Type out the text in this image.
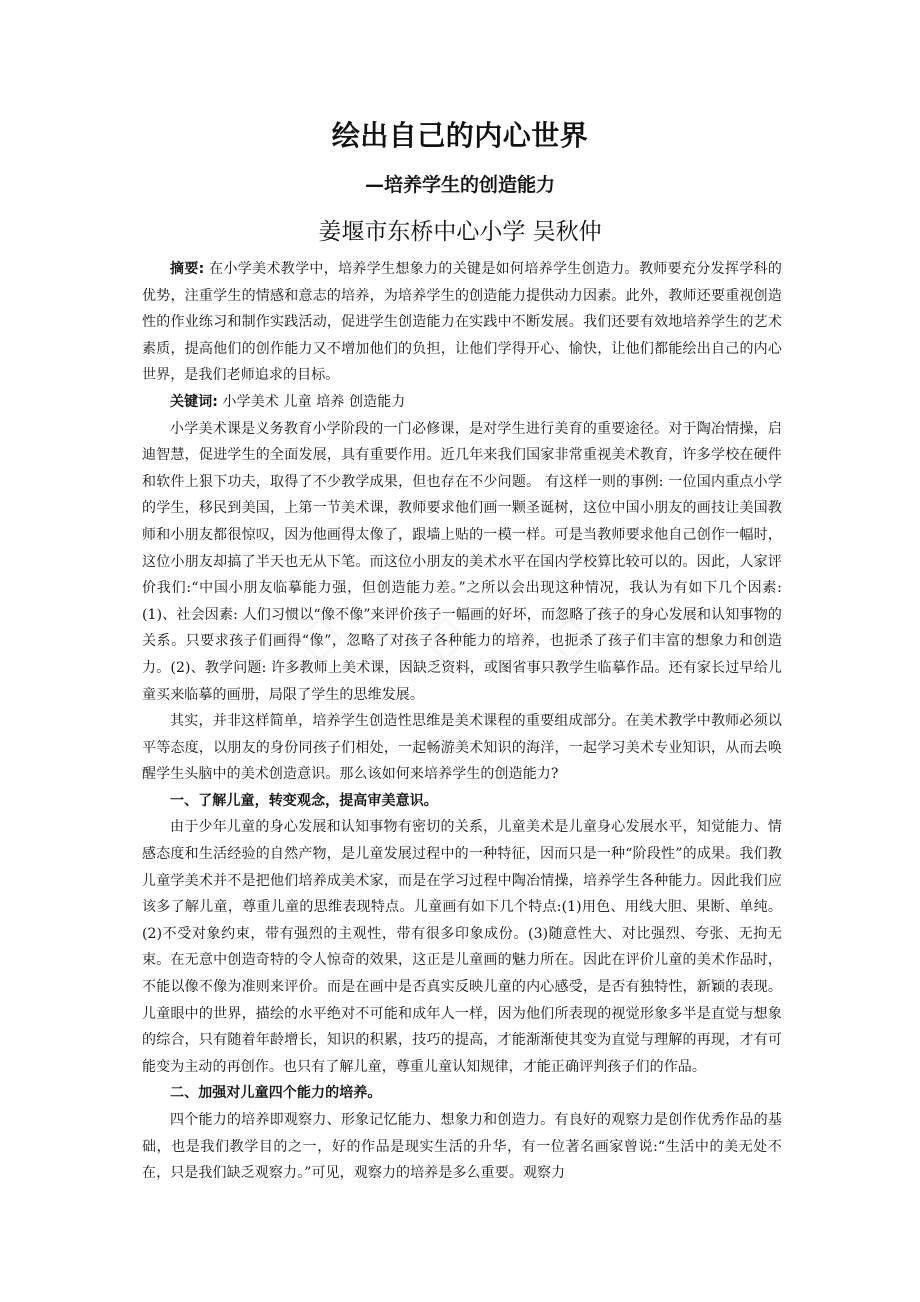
绘出自己的内心世界
—培养学生的创造能力
姜堰市东桥中心小学 吴秋仲

摘要: 在小学美术教学中，培养学生想象力的关键是如何培养学生创造力。教师要充分发挥学科的优势，注重学生的情感和意志的培养，为培养学生的创造能力提供动力因素。此外，教师还要重视创造性的作业练习和制作实践活动，促进学生创造能力在实践中不断发展。我们还要有效地培养学生的艺术素质，提高他们的创作能力又不增加他们的负担，让他们学得开心、愉快，让他们都能绘出自己的内心世界，是我们老师追求的目标。

关键词: 小学美术 儿童 培养 创造能力

小学美术课是义务教育小学阶段的一门必修课，是对学生进行美育的重要途径。对于陶冶情操，启迪智慧，促进学生的全面发展，具有重要作用。近几年来我们国家非常重视美术教育，许多学校在硬件和软件上狠下功夫，取得了不少教学成果，但也存在不少问题。 有这样一则的事例: 一位国内重点小学的学生，移民到美国，上第一节美术课，教师要求他们画一颗圣诞树，这位中国小朋友的画技让美国教师和小朋友都很惊叹，因为他画得太像了，跟墙上贴的一模一样。可是当教师要求他自己创作一幅时，这位小朋友却搞了半天也无从下笔。而这位小朋友的美术水平在国内学校算比较可以的。因此，人家评价我们:“中国小朋友临摹能力强，但创造能力差。”之所以会出现这种情况，我认为有如下几个因素:(1)、社会因素: 人们习惯以“像不像”来评价孩子一幅画的好坏，而忽略了孩子的身心发展和认知事物的关系。只要求孩子们画得“像”，忽略了对孩子各种能力的培养，也扼杀了孩子们丰富的想象力和创造力。(2)、教学问题: 许多教师上美术课，因缺乏资料，或图省事只教学生临摹作品。还有家长过早给儿童买来临摹的画册，局限了学生的思维发展。

其实，并非这样简单，培养学生创造性思维是美术课程的重要组成部分。在美术教学中教师必须以平等态度，以朋友的身份同孩子们相处，一起畅游美术知识的海洋，一起学习美术专业知识，从而去唤醒学生头脑中的美术创造意识。那么该如何来培养学生的创造能力?

一、了解儿童，转变观念，提高审美意识。

由于少年儿童的身心发展和认知事物有密切的关系，儿童美术是儿童身心发展水平，知觉能力、情感态度和生活经验的自然产物，是儿童发展过程中的一种特征，因而只是一种“阶段性”的成果。我们教儿童学美术并不是把他们培养成美术家，而是在学习过程中陶冶情操，培养学生各种能力。因此我们应该多了解儿童，尊重儿童的思维表现特点。儿童画有如下几个特点:(1)用色、用线大胆、果断、单纯。(2)不受对象约束，带有强烈的主观性，带有很多印象成份。(3)随意性大、对比强烈、夸张、无拘无束。在无意中创造奇特的令人惊奇的效果，这正是儿童画的魅力所在。因此在评价儿童的美术作品时，不能以像不像为准则来评价。而是在画中是否真实反映儿童的内心感受，是否有独特性，新颖的表现。儿童眼中的世界，描绘的水平绝对不可能和成年人一样，因为他们所表现的视觉形象多半是直觉与想象的综合，只有随着年龄增长，知识的积累，技巧的提高，才能渐渐使其变为直觉与理解的再现，才有可能变为主动的再创作。也只有了解儿童，尊重儿童认知规律，才能正确评判孩子们的作品。

二、加强对儿童四个能力的培养。

四个能力的培养即观察力、形象记忆能力、想象力和创造力。有良好的观察力是创作优秀作品的基础，也是我们教学目的之一，好的作品是现实生活的升华，有一位著名画家曾说:“生活中的美无处不在，只是我们缺乏观察力。”可见，观察力的培养是多么重要。观察力
